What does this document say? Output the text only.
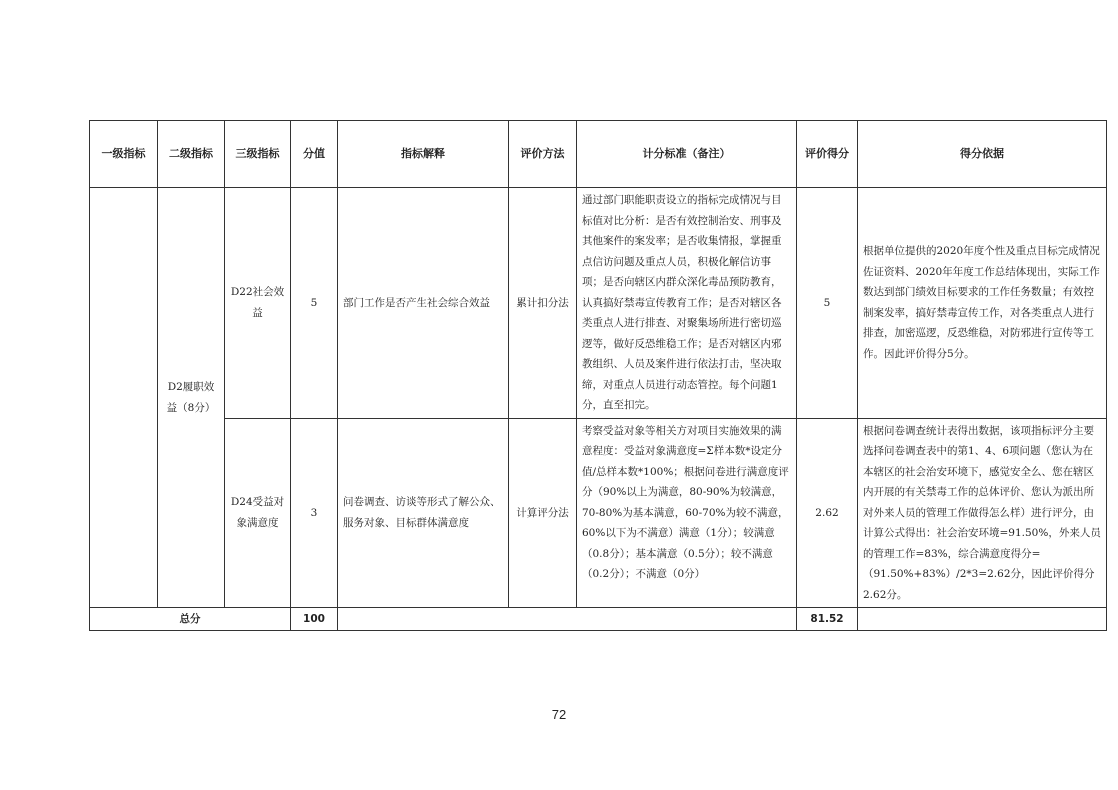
一级指标	二级指标	三级指标	分值	指标解释	评价方法	计分标准（备注）	评价得分	得分依据
	D2履职效益（8分）	D22社会效益	5	部门工作是否产生社会综合效益	累计扣分法	通过部门职能职责设立的指标完成情况与目标值对比分析：是否有效控制治安、刑事及其他案件的案发率；是否收集情报，掌握重点信访问题及重点人员，积极化解信访事项；是否向辖区内群众深化毒品预防教育，认真搞好禁毒宣传教育工作；是否对辖区各类重点人进行排查、对聚集场所进行密切巡逻等，做好反恐维稳工作；是否对辖区内邪教组织、人员及案件进行依法打击，坚决取缔，对重点人员进行动态管控。每个问题1分，直至扣完。	5	根据单位提供的2020年度个性及重点目标完成情况佐证资料、2020年年度工作总结体现出，实际工作数达到部门绩效目标要求的工作任务数量；有效控制案发率，搞好禁毒宣传工作，对各类重点人进行排查，加密巡逻，反恐维稳，对防邪进行宣传等工作。因此评价得分5分。
		D24受益对象满意度	3	问卷调查、访谈等形式了解公众、服务对象、目标群体满意度	计算评分法	考察受益对象等相关方对项目实施效果的满意程度：受益对象满意度=Σ样本数*设定分值/总样本数*100%；根据问卷进行满意度评分（90%以上为满意，80-90%为较满意，70-80%为基本满意，60-70%为较不满意，60%以下为不满意）满意（1分）；较满意（0.8分）；基本满意（0.5分）；较不满意（0.2分）；不满意（0分）	2.62	根据问卷调查统计表得出数据，该项指标评分主要选择问卷调查表中的第1、4、6项问题（您认为在本辖区的社会治安环境下，感觉安全么、您在辖区内开展的有关禁毒工作的总体评价、您认为派出所对外来人员的管理工作做得怎么样）进行评分，由计算公式得出：社会治安环境=91.50%，外来人员的管理工作=83%，综合满意度得分=（91.50%+83%）/2*3=2.62分，因此评价得分2.62分。
总分			100				81.52	
72
